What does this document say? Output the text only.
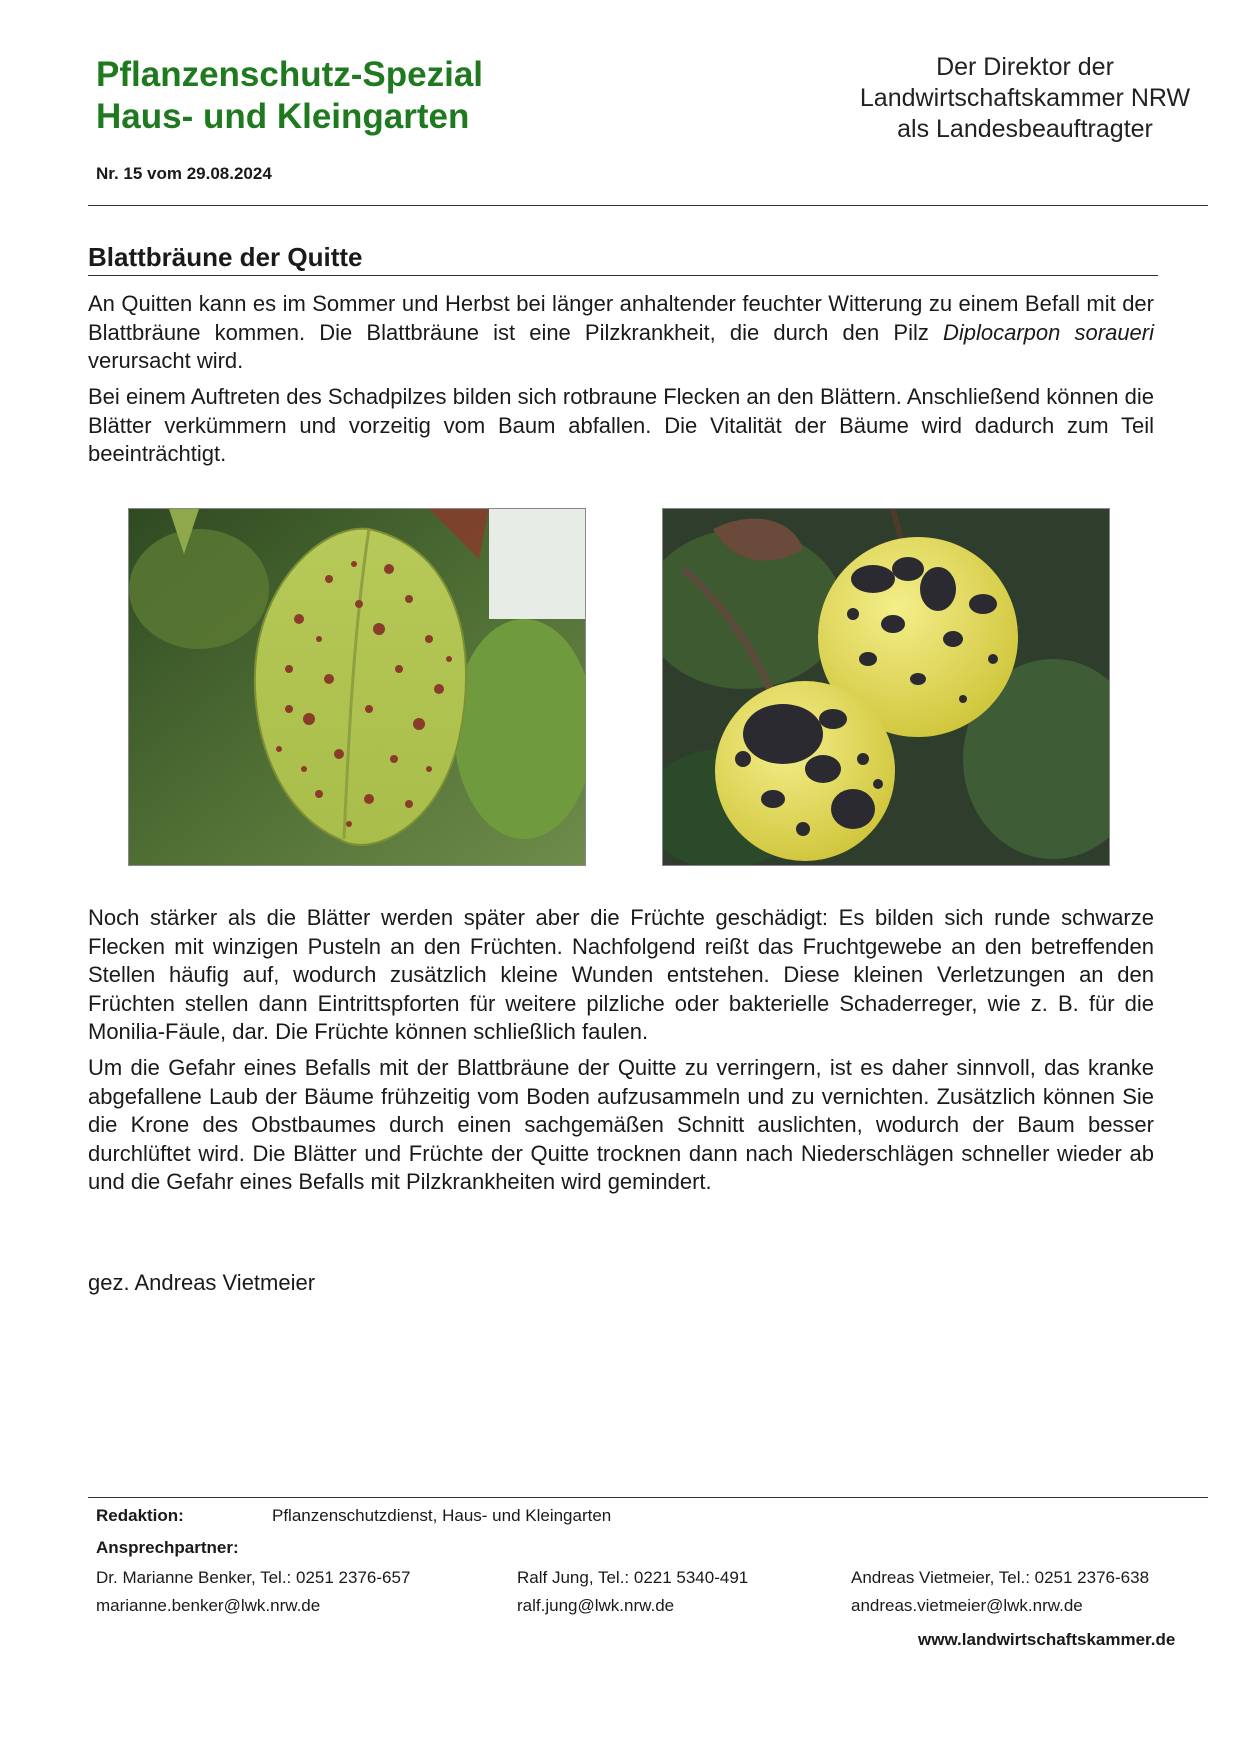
Pflanzenschutz-Spezial
Haus- und Kleingarten
Der Direktor der
Landwirtschaftskammer NRW
als Landesbeauftragter
Nr. 15 vom 29.08.2024
Blattbräune der Quitte
An Quitten kann es im Sommer und Herbst bei länger anhaltender feuchter Witterung zu einem Befall mit der Blattbräune kommen. Die Blattbräune ist eine Pilzkrankheit, die durch den Pilz Diplocarpon soraueri verursacht wird.
Bei einem Auftreten des Schadpilzes bilden sich rotbraune Flecken an den Blättern. Anschließend können die Blätter verkümmern und vorzeitig vom Baum abfallen. Die Vitalität der Bäume wird dadurch zum Teil beeinträchtigt.
Noch stärker als die Blätter werden später aber die Früchte geschädigt: Es bilden sich runde schwarze Flecken mit winzigen Pusteln an den Früchten. Nachfolgend reißt das Fruchtgewebe an den betreffenden Stellen häufig auf, wodurch zusätzlich kleine Wunden entstehen. Diese kleinen Verletzungen an den Früchten stellen dann Eintrittspforten für weitere pilzliche oder bakterielle Schaderreger, wie z. B. für die Monilia-Fäule, dar. Die Früchte können schließlich faulen.
Um die Gefahr eines Befalls mit der Blattbräune der Quitte zu verringern, ist es daher sinnvoll, das kranke abgefallene Laub der Bäume frühzeitig vom Boden aufzusammeln und zu vernichten. Zusätzlich können Sie die Krone des Obstbaumes durch einen sachgemäßen Schnitt auslichten, wodurch der Baum besser durchlüftet wird. Die Blätter und Früchte der Quitte trocknen dann nach Niederschlägen schneller wieder ab und die Gefahr eines Befalls mit Pilzkrankheiten wird gemindert.
gez. Andreas Vietmeier
Redaktion:	Pflanzenschutzdienst, Haus- und Kleingarten
Ansprechpartner:
Dr. Marianne Benker, Tel.: 0251 2376-657
marianne.benker@lwk.nrw.de
Ralf Jung, Tel.: 0221 5340-491
ralf.jung@lwk.nrw.de
Andreas Vietmeier, Tel.: 0251 2376-638
andreas.vietmeier@lwk.nrw.de
www.landwirtschaftskammer.de
